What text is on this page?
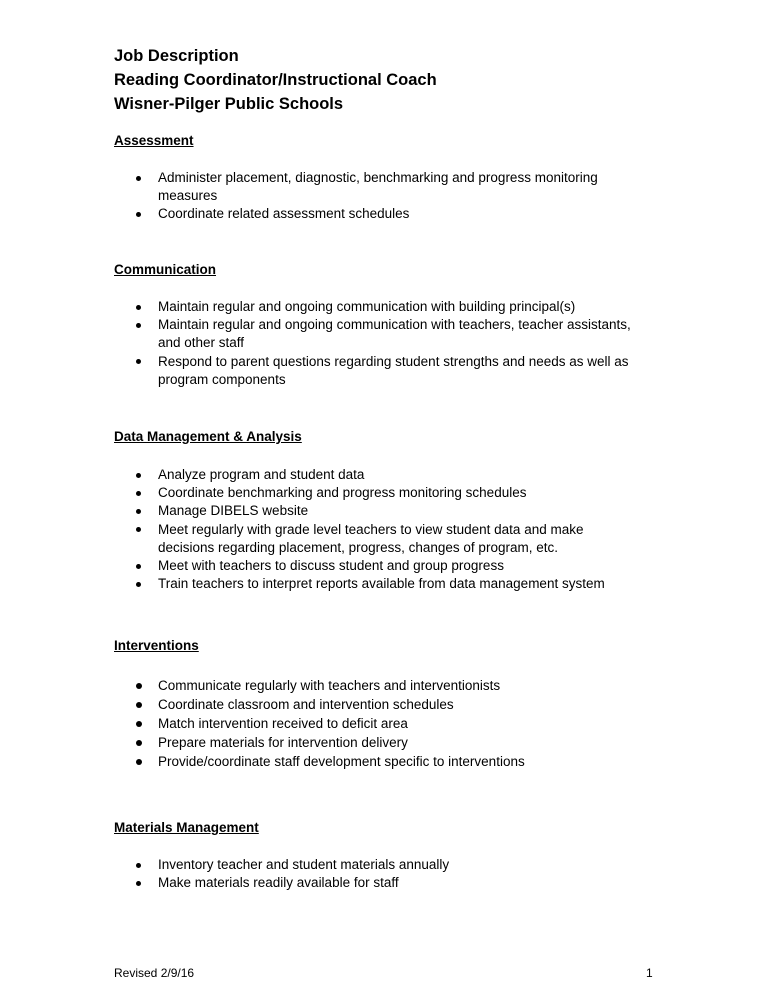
Job Description
Reading Coordinator/Instructional Coach
Wisner-Pilger Public Schools
Assessment
Administer placement, diagnostic, benchmarking and progress monitoring measures
Coordinate related assessment schedules
Communication
Maintain regular and ongoing communication with building principal(s)
Maintain regular and ongoing communication with teachers, teacher assistants, and other staff
Respond to parent questions regarding student strengths and needs as well as program components
Data Management & Analysis
Analyze program and student data
Coordinate benchmarking and progress monitoring schedules
Manage DIBELS website
Meet regularly with grade level teachers to view student data and make decisions regarding placement, progress, changes of program, etc.
Meet with teachers to discuss student and group progress
Train teachers to interpret reports available from data management system
Interventions
Communicate regularly with teachers and interventionists
Coordinate classroom and intervention schedules
Match intervention received to deficit area
Prepare materials for intervention delivery
Provide/coordinate staff development specific to interventions
Materials Management
Inventory teacher and student materials annually
Make materials readily available for staff
Revised 2/9/16	1
